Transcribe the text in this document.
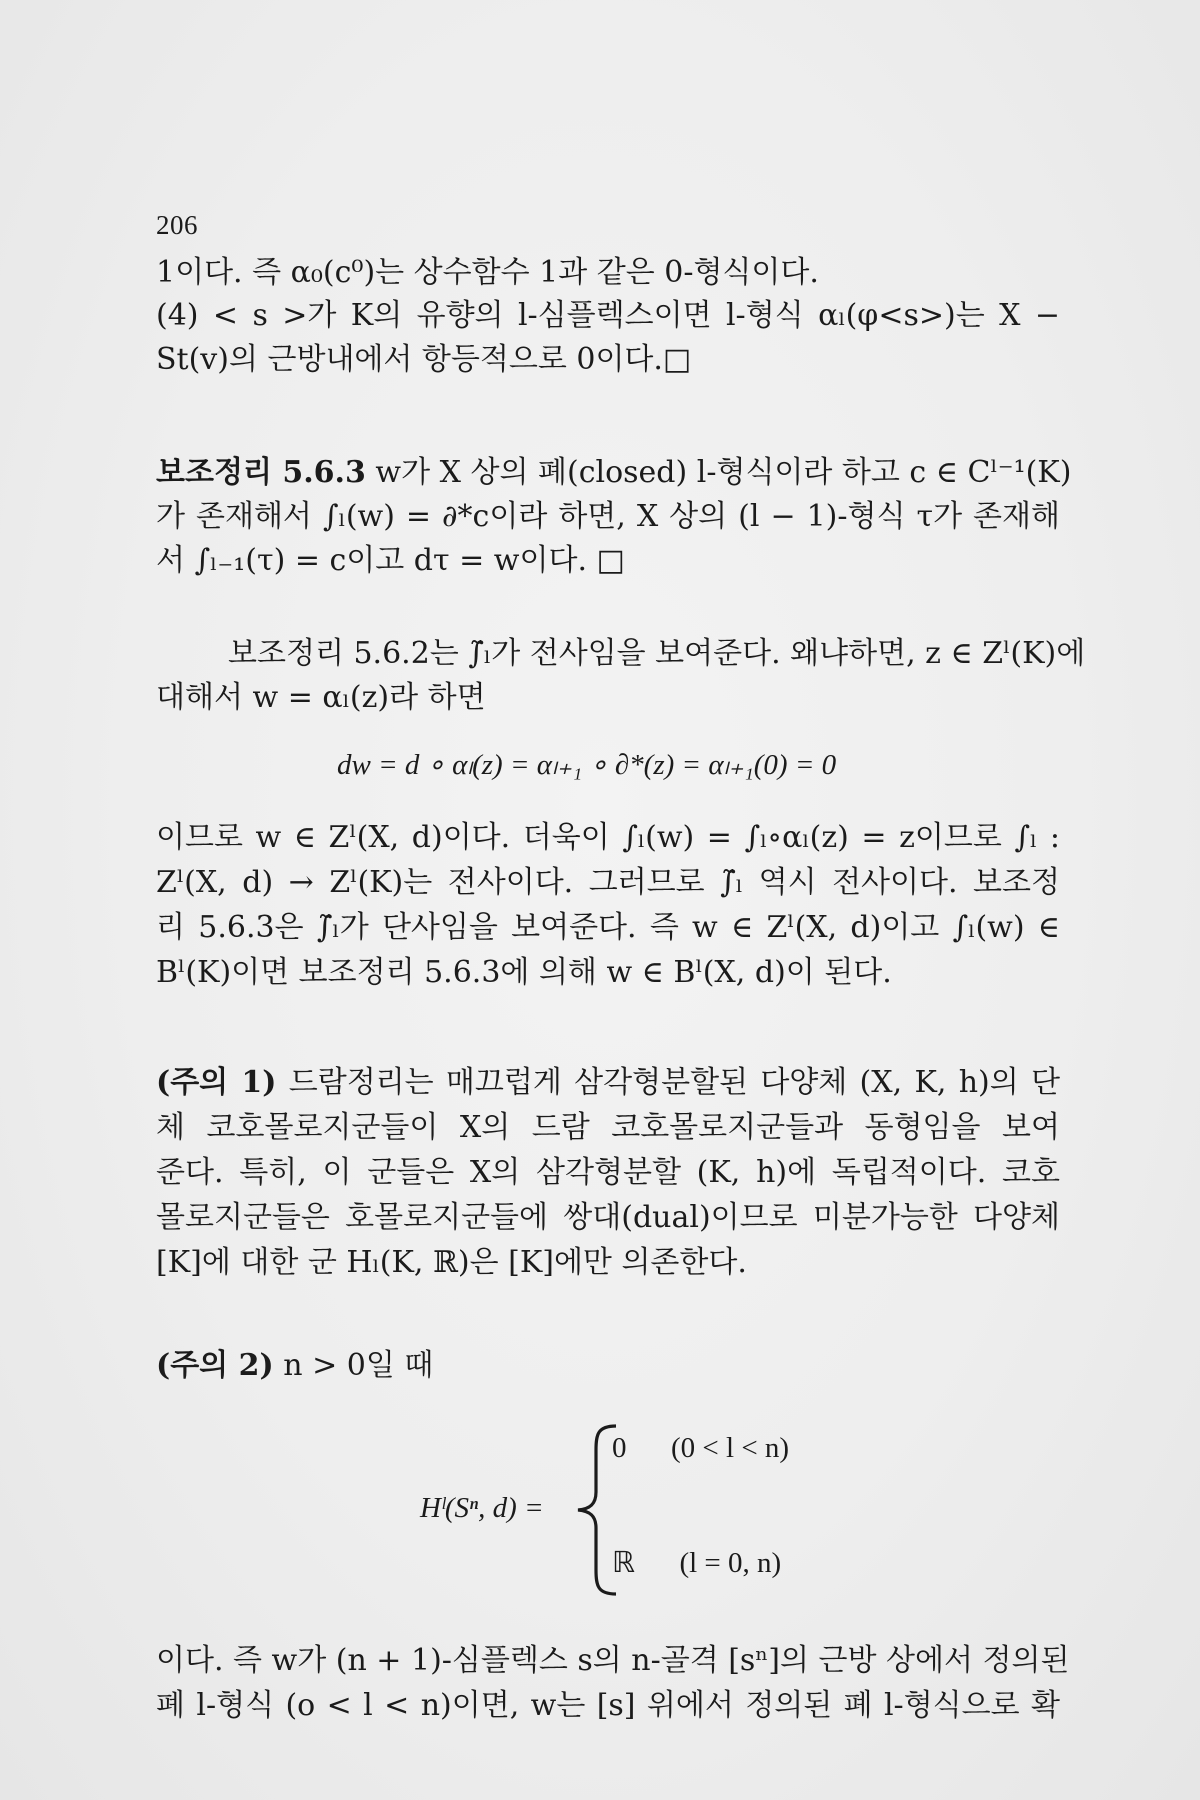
206
1이다. 즉 α₀(c⁰)는 상수함수 1과 같은 0-형식이다.
(4) < s >가 K의 유향의 l-심플렉스이면 l-형식 αₗ(φ<s>)는 X −
St(v)의 근방내에서 항등적으로 0이다.□
보조정리 5.6.3 w가 X 상의 폐(closed) l-형식이라 하고 c ∈ Cˡ⁻¹(K)
가 존재해서 ∫ₗ(w) = ∂*c이라 하면, X 상의 (l − 1)-형식 τ가 존재해
서 ∫ₗ₋₁(τ) = c이고 dτ = w이다. □
보조정리 5.6.2는 ∫̃ₗ가 전사임을 보여준다. 왜냐하면, z ∈ Zˡ(K)에
대해서 w = αₗ(z)라 하면
dw = d ∘ αₗ(z) = αₗ₊₁ ∘ ∂*(z) = αₗ₊₁(0) = 0
이므로 w ∈ Zˡ(X, d)이다. 더욱이 ∫ₗ(w) = ∫ₗ∘αₗ(z) = z이므로 ∫ₗ :
Zˡ(X, d) → Zˡ(K)는 전사이다. 그러므로 ∫̃ₗ 역시 전사이다. 보조정
리 5.6.3은 ∫̃ₗ가 단사임을 보여준다. 즉 w ∈ Zˡ(X, d)이고 ∫ₗ(w) ∈
Bˡ(K)이면 보조정리 5.6.3에 의해 w ∈ Bˡ(X, d)이 된다.
(주의 1) 드람정리는 매끄럽게 삼각형분할된 다양체 (X, K, h)의 단
체 코호몰로지군들이 X의 드람 코호몰로지군들과 동형임을 보여
준다. 특히, 이 군들은 X의 삼각형분할 (K, h)에 독립적이다. 코호
몰로지군들은 호몰로지군들에 쌍대(dual)이므로 미분가능한 다양체
[K]에 대한 군 Hₗ(K, ℝ)은 [K]에만 의존한다.
(주의 2) n > 0일 때
Hˡ(Sⁿ, d) =
0 (0 < l < n)
ℝ (l = 0, n)
이다. 즉 w가 (n + 1)-심플렉스 s의 n-골격 [sⁿ]의 근방 상에서 정의된
폐 l-형식 (o < l < n)이면, w는 [s] 위에서 정의된 폐 l-형식으로 확
